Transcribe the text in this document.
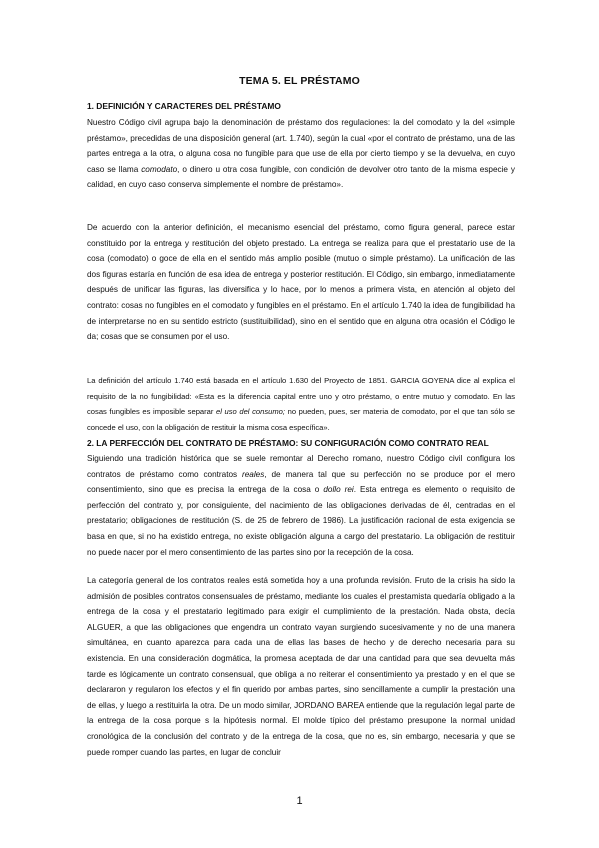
TEMA 5. EL PRÉSTAMO
1. DEFINICIÓN Y CARACTERES DEL PRÉSTAMO
Nuestro Código civil agrupa bajo la denominación de préstamo dos regulaciones: la del comodato y la del «simple préstamo», precedidas de una disposición general (art. 1.740), según la cual «por el contrato de préstamo, una de las partes entrega a la otra, o alguna cosa no fungible para que use de ella por cierto tiempo y se la devuelva, en cuyo caso se llama comodato, o dinero u otra cosa fungible, con condición de devolver otro tanto de la misma especie y calidad, en cuyo caso conserva simplemente el nombre de préstamo».
De acuerdo con la anterior definición, el mecanismo esencial del préstamo, como figura general, parece estar constituido por la entrega y restitución del objeto prestado. La entrega se realiza para que el prestatario use de la cosa (comodato) o goce de ella en el sentido más amplio posible (mutuo o simple préstamo). La unificación de las dos figuras estaría en función de esa idea de entrega y posterior restitución. El Código, sin embargo, inmediatamente después de unificar las figuras, las diversifica y lo hace, por lo menos a primera vista, en atención al objeto del contrato: cosas no fungibles en el comodato y fungibles en el préstamo. En el artículo 1.740 la idea de fungibilidad ha de interpretarse no en su sentido estricto (sustituibilidad), sino en el sentido que en alguna otra ocasión el Código le da; cosas que se consumen por el uso.
La definición del artículo 1.740 está basada en el artículo 1.630 del Proyecto de 1851. GARCIA GOYENA dice al explica el requisito de la no fungibilidad: «Esta es la diferencia capital entre uno y otro préstamo, o entre mutuo y comodato. En las cosas fungibles es imposible separar el uso del consumo; no pueden, pues, ser materia de comodato, por el que tan sólo se concede el uso, con la obligación de restituir la misma cosa específica».
2. LA PERFECCIÓN DEL CONTRATO DE PRÉSTAMO: SU CONFIGURACIÓN COMO CONTRATO REAL
Siguiendo una tradición histórica que se suele remontar al Derecho romano, nuestro Código civil configura los contratos de préstamo como contratos reales, de manera tal que su perfección no se produce por el mero consentimiento, sino que es precisa la entrega de la cosa o dollo rei. Esta entrega es elemento o requisito de perfección del contrato y, por consiguiente, del nacimiento de las obligaciones derivadas de él, centradas en el prestatario; obligaciones de restitución (S. de 25 de febrero de 1986). La justificación racional de esta exigencia se basa en que, si no ha existido entrega, no existe obligación alguna a cargo del prestatario. La obligación de restituir no puede nacer por el mero consentimiento de las partes sino por la recepción de la cosa.
La categoría general de los contratos reales está sometida hoy a una profunda revisión. Fruto de la crisis ha sido la admisión de posibles contratos consensuales de préstamo, mediante los cuales el prestamista quedaría obligado a la entrega de la cosa y el prestatario legitimado para exigir el cumplimiento de la prestación. Nada obsta, decía ALGUER, a que las obligaciones que engendra un contrato vayan surgiendo sucesivamente y no de una manera simultánea, en cuanto aparezca para cada una de ellas las bases de hecho y de derecho necesaria para su existencia. En una consideración dogmática, la promesa aceptada de dar una cantidad para que sea devuelta más tarde es lógicamente un contrato consensual, que obliga a no reiterar el consentimiento ya prestado y en el que se declararon y regularon los efectos y el fin querido por ambas partes, sino sencillamente a cumplir la prestación una de ellas, y luego a restituirla la otra. De un modo similar, JORDANO BAREA entiende que la regulación legal parte de la entrega de la cosa porque s la hipótesis normal. El molde típico del préstamo presupone la normal unidad cronológica de la conclusión del contrato y de la entrega de la cosa, que no es, sin embargo, necesaria y que se puede romper cuando las partes, en lugar de concluir
1
